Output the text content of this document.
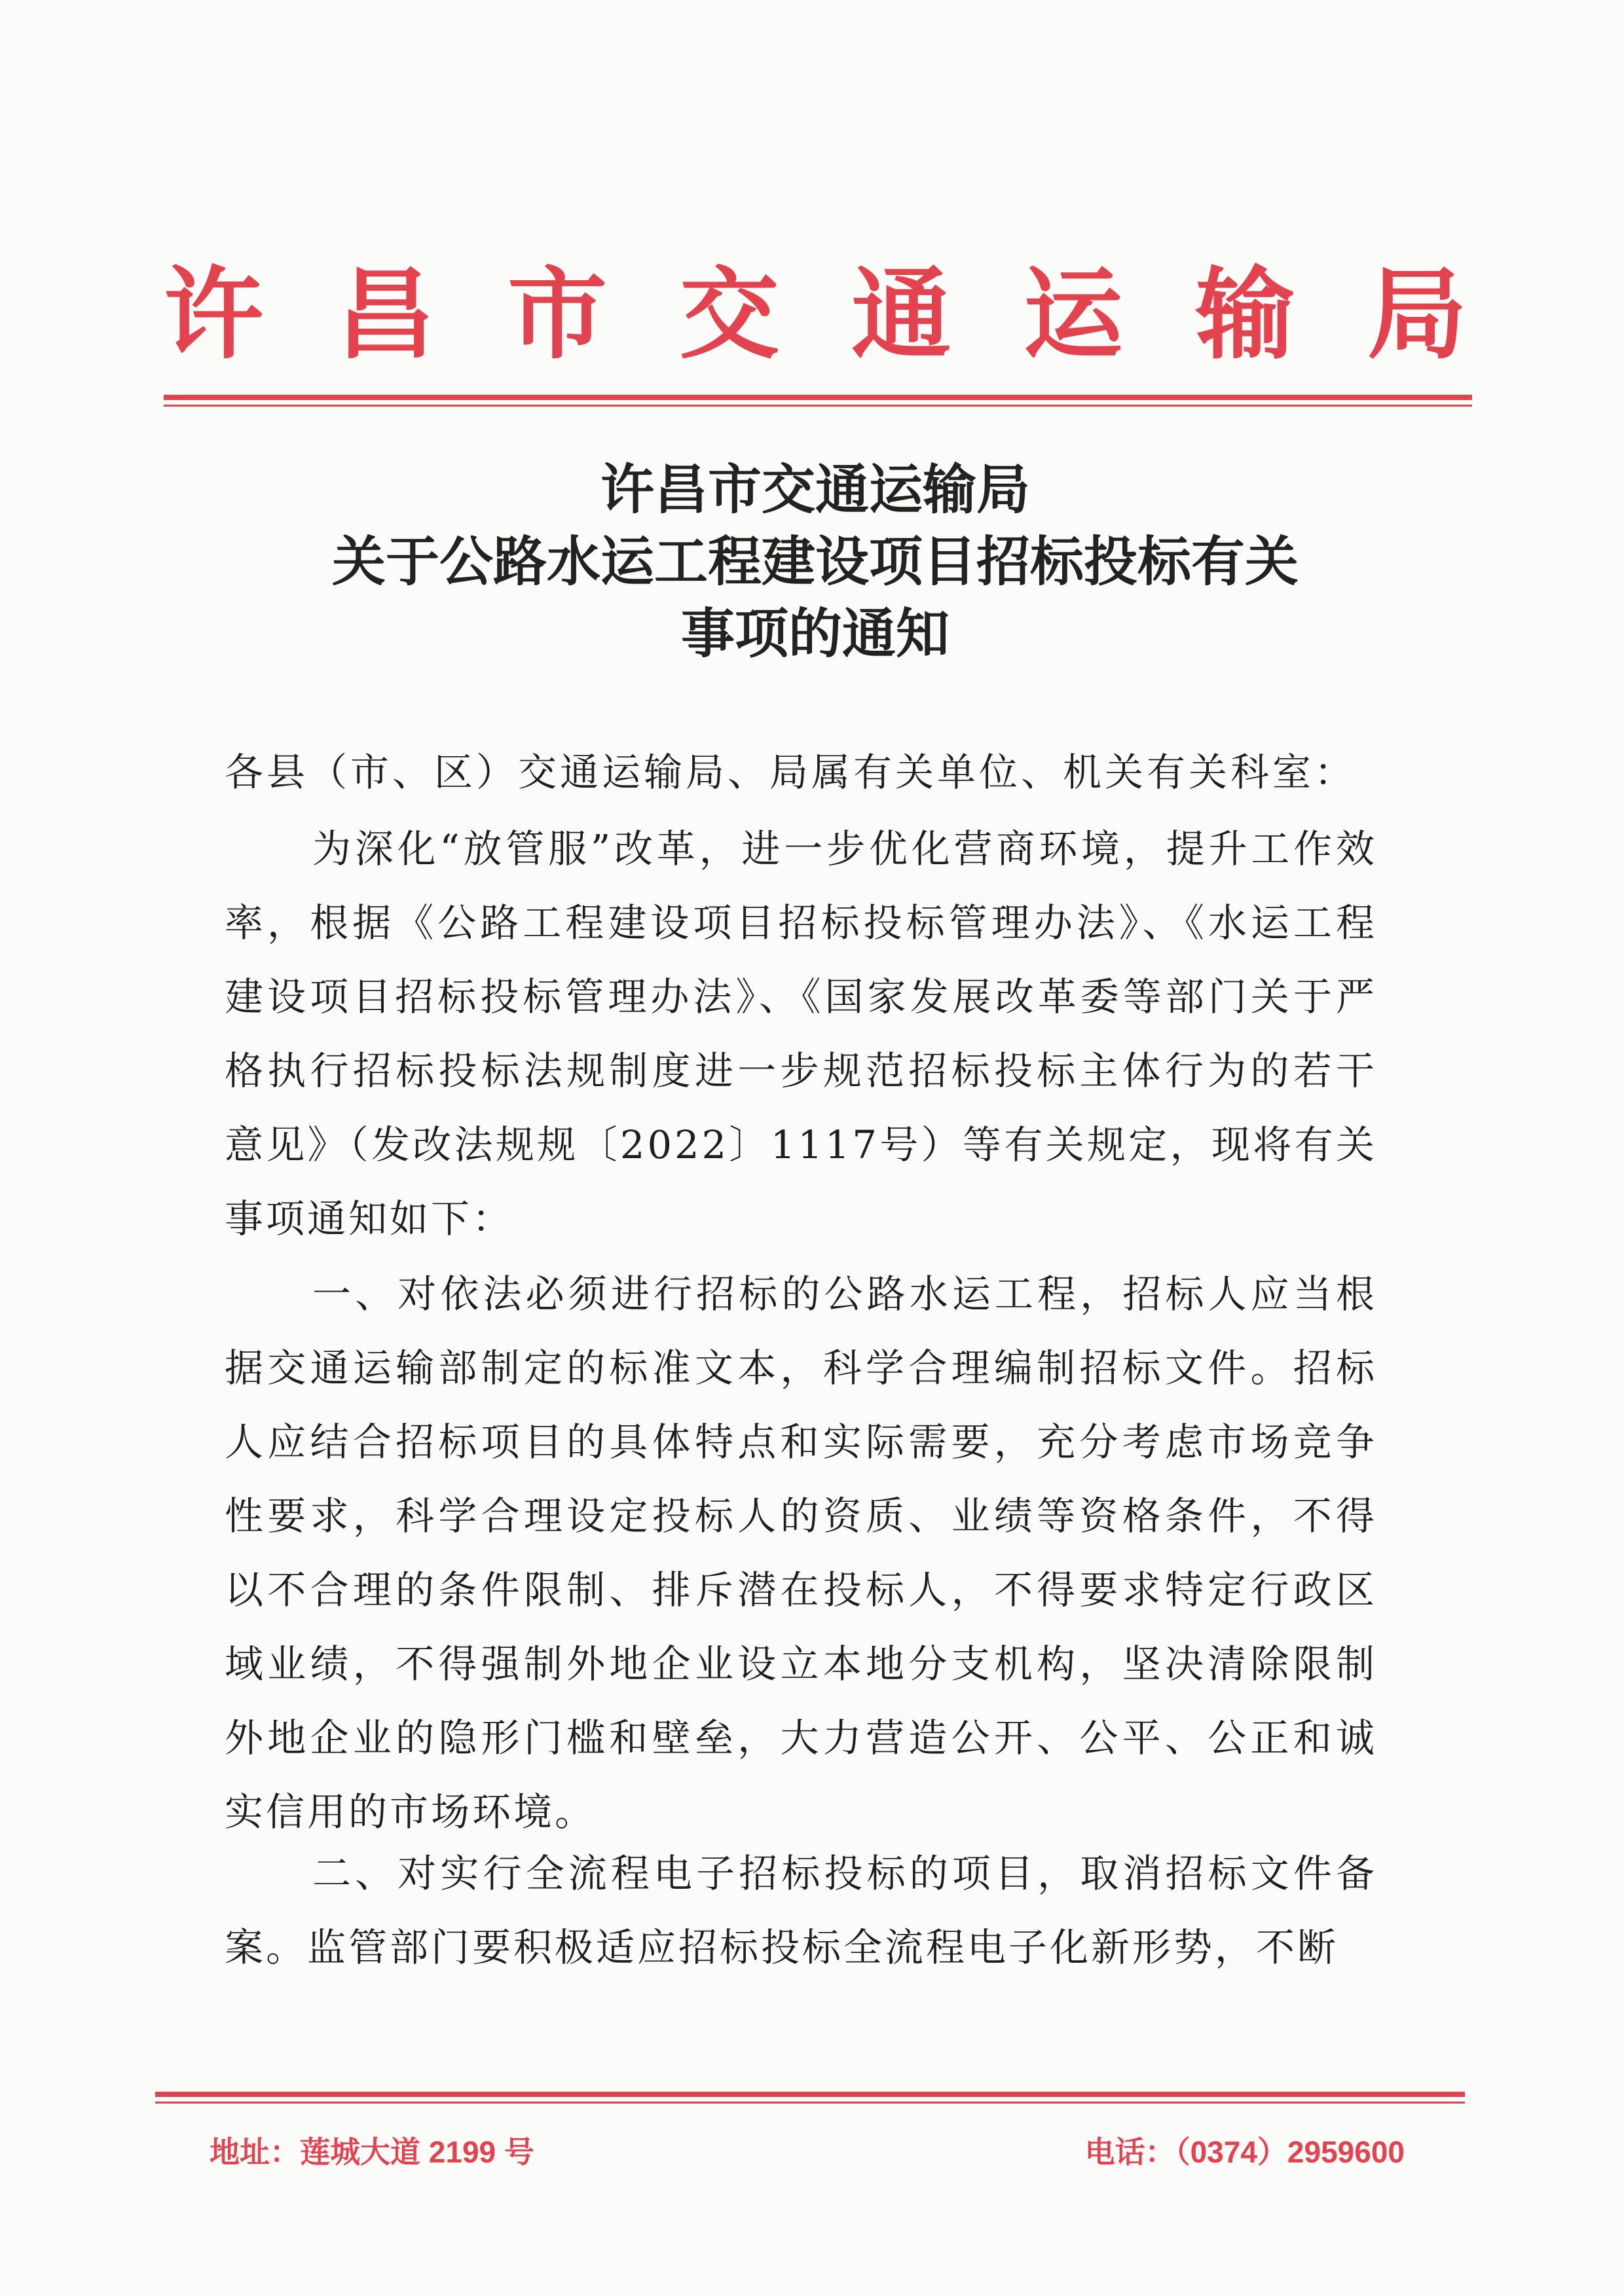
许 昌 市 交 通 运 输 局
许昌市交通运输局
关于公路水运工程建设项目招标投标有关
事项的通知
各县（市、区）交通运输局、局属有关单位、机关有关科室：
为深化“放管服”改革，进一步优化营商环境，提升工作效率，根据《公路工程建设项目招标投标管理办法》、《水运工程建设项目招标投标管理办法》、《国家发展改革委等部门关于严格执行招标投标法规制度进一步规范招标投标主体行为的若干意见》（发改法规规〔2022〕1117号）等有关规定，现将有关事项通知如下：
一、对依法必须进行招标的公路水运工程，招标人应当根据交通运输部制定的标准文本，科学合理编制招标文件。招标人应结合招标项目的具体特点和实际需要，充分考虑市场竞争性要求，科学合理设定投标人的资质、业绩等资格条件，不得以不合理的条件限制、排斥潜在投标人，不得要求特定行政区域业绩，不得强制外地企业设立本地分支机构，坚决清除限制外地企业的隐形门槛和壁垒，大力营造公开、公平、公正和诚实信用的市场环境。
二、对实行全流程电子招标投标的项目，取消招标文件备案。监管部门要积极适应招标投标全流程电子化新形势，不断
地址：莲城大道 2199 号	电话：（0374）2959600
